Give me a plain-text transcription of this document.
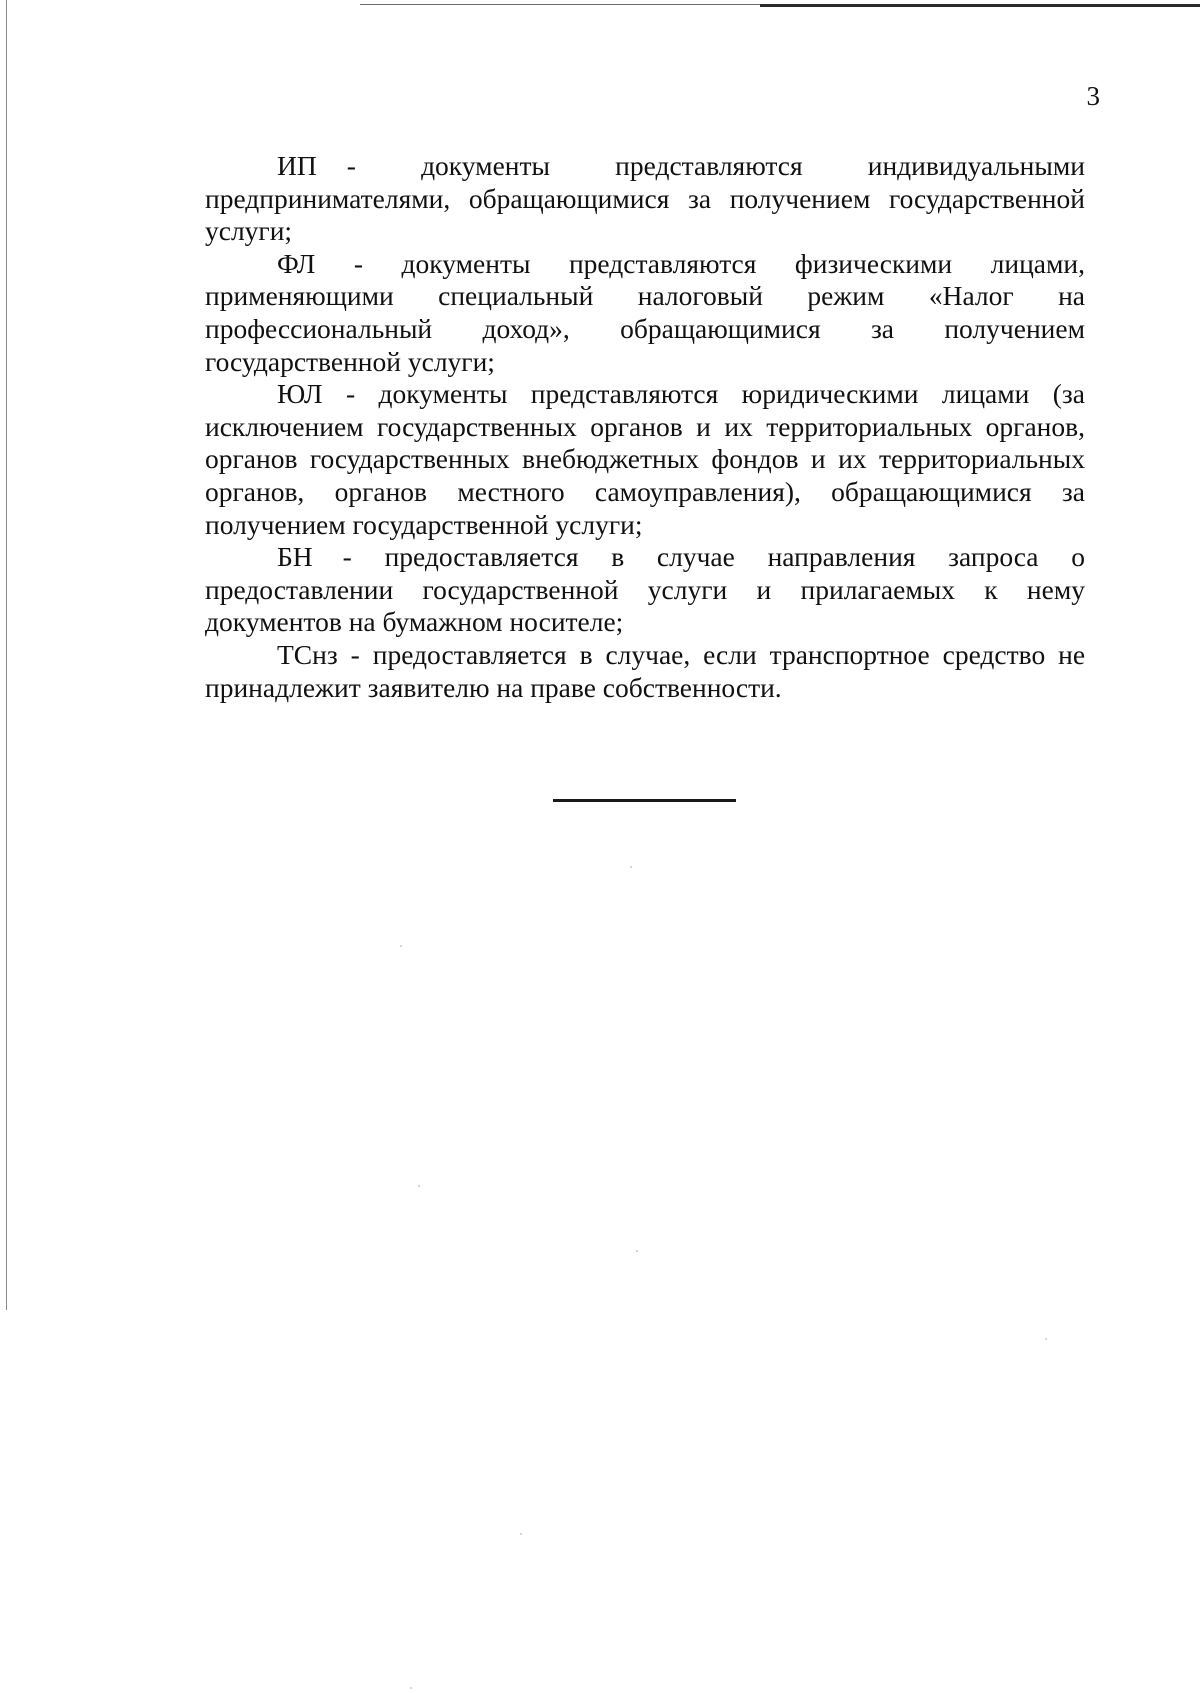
3

ИП - документы представляются индивидуальными предпринимателями, обращающимися за получением государственной услуги;

ФЛ - документы представляются физическими лицами, применяющими специальный налоговый режим «Налог на профессиональный доход», обращающимися за получением государственной услуги;

ЮЛ - документы представляются юридическими лицами (за исключением государственных органов и их территориальных органов, органов государственных внебюджетных фондов и их территориальных органов, органов местного самоуправления), обращающимися за получением государственной услуги;

БН - предоставляется в случае направления запроса о предоставлении государственной услуги и прилагаемых к нему документов на бумажном носителе;

ТСнз - предоставляется в случае, если транспортное средство не принадлежит заявителю на праве собственности.
